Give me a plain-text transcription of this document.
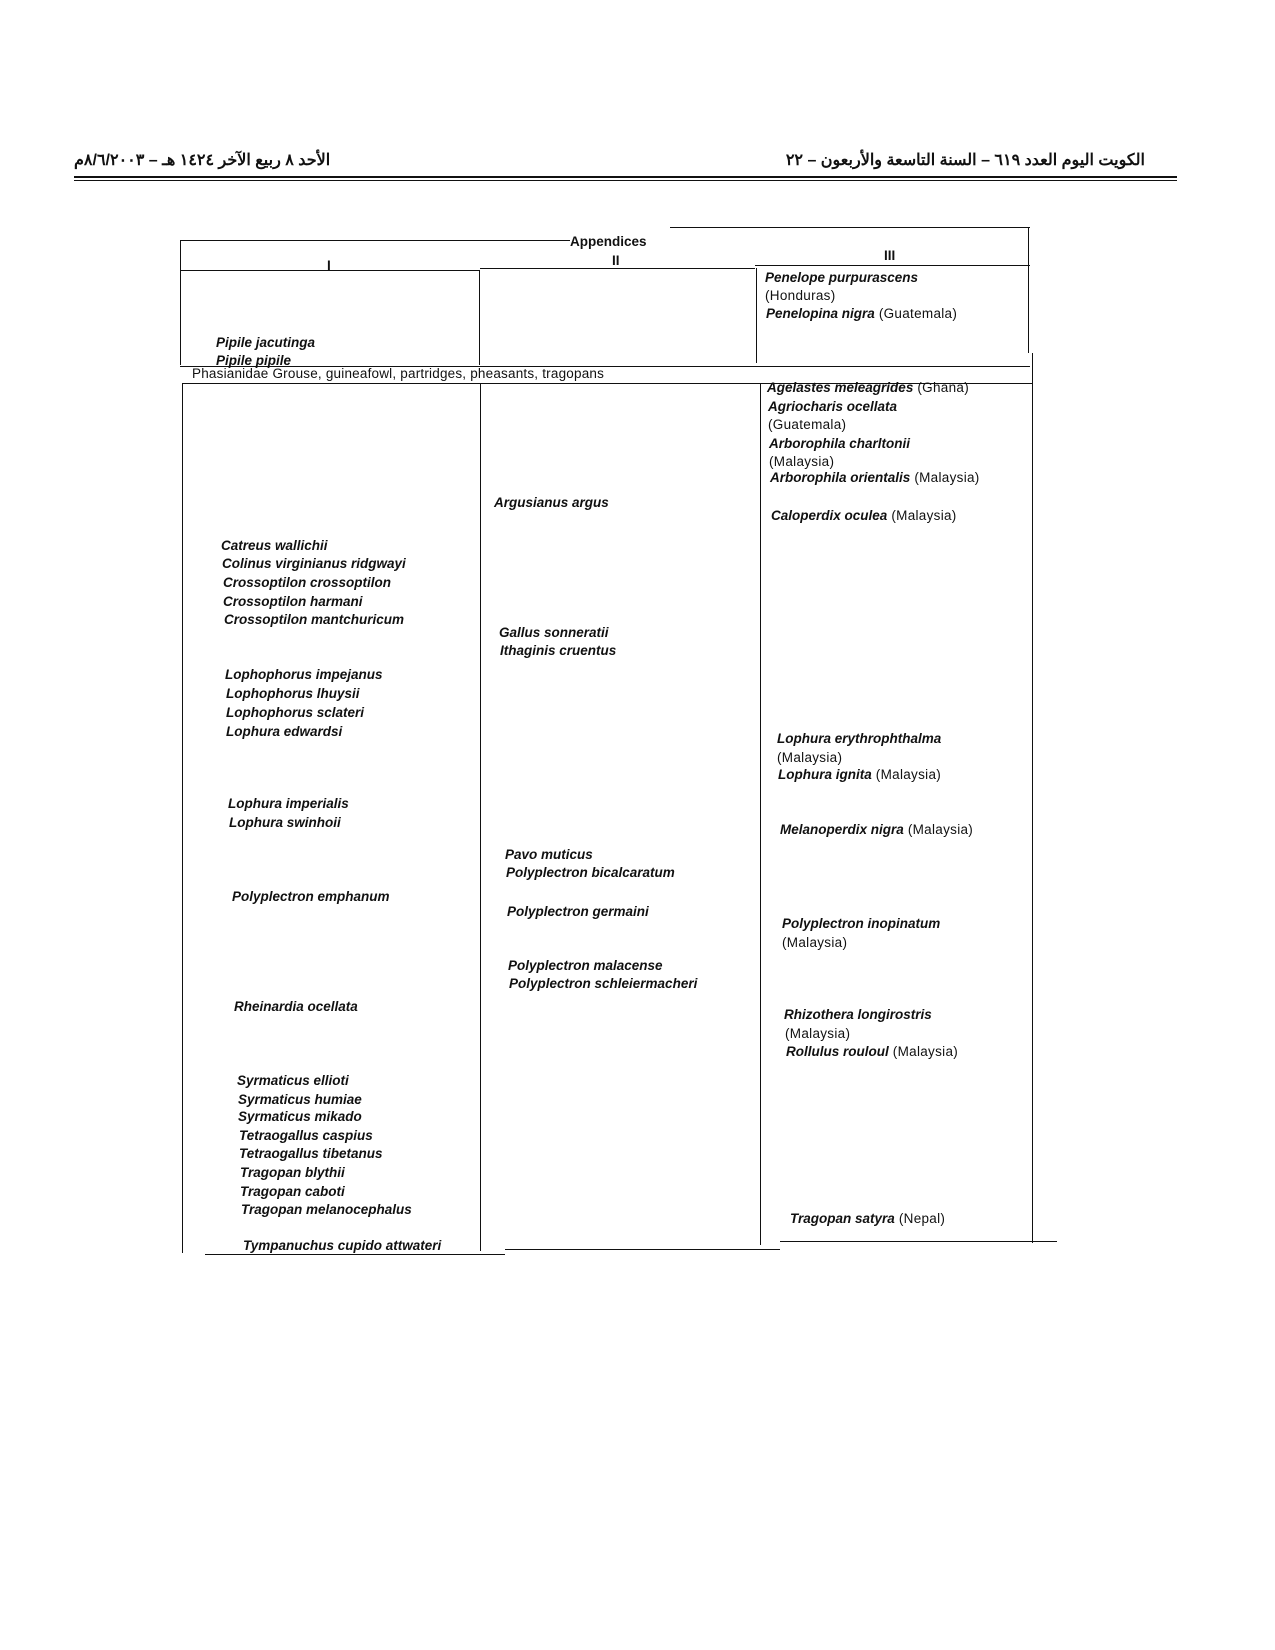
الكويت اليوم العدد ٦١٩ – السنة التاسعة والأربعون – ٢٢
الأحد ٨ ربيع الآخر ١٤٢٤ هـ – ٨/٦/٢٠٠٣م
Appendices
I	II	III
Phasianidae Grouse, guineafowl, partridges, pheasants, tragopans
Pipile jacutinga
Pipile pipile
Catreus wallichii
Colinus virginianus ridgwayi
Crossoptilon crossoptilon
Crossoptilon harmani
Crossoptilon mantchuricum
Lophophorus impejanus
Lophophorus lhuysii
Lophophorus sclateri
Lophura edwardsi
Lophura imperialis
Lophura swinhoii
Polyplectron emphanum
Rheinardia ocellata
Syrmaticus ellioti
Syrmaticus humiae
Syrmaticus mikado
Tetraogallus caspius
Tetraogallus tibetanus
Tragopan blythii
Tragopan caboti
Tragopan melanocephalus
Tympanuchus cupido attwateri
Argusianus argus
Gallus sonneratii
Ithaginis cruentus
Pavo muticus
Polyplectron bicalcaratum
Polyplectron germaini
Polyplectron malacense
Polyplectron schleiermacheri
Penelope purpurascens
(Honduras)
Penelopina nigra (Guatemala)
Agelastes meleagrides (Ghana)
Agriocharis ocellata
(Guatemala)
Arborophila charltonii
(Malaysia)
Arborophila orientalis (Malaysia)
Caloperdix oculea (Malaysia)
Lophura erythrophthalma
(Malaysia)
Lophura ignita (Malaysia)
Melanoperdix nigra (Malaysia)
Polyplectron inopinatum
(Malaysia)
Rhizothera longirostris
(Malaysia)
Rollulus rouloul (Malaysia)
Tragopan satyra (Nepal)
